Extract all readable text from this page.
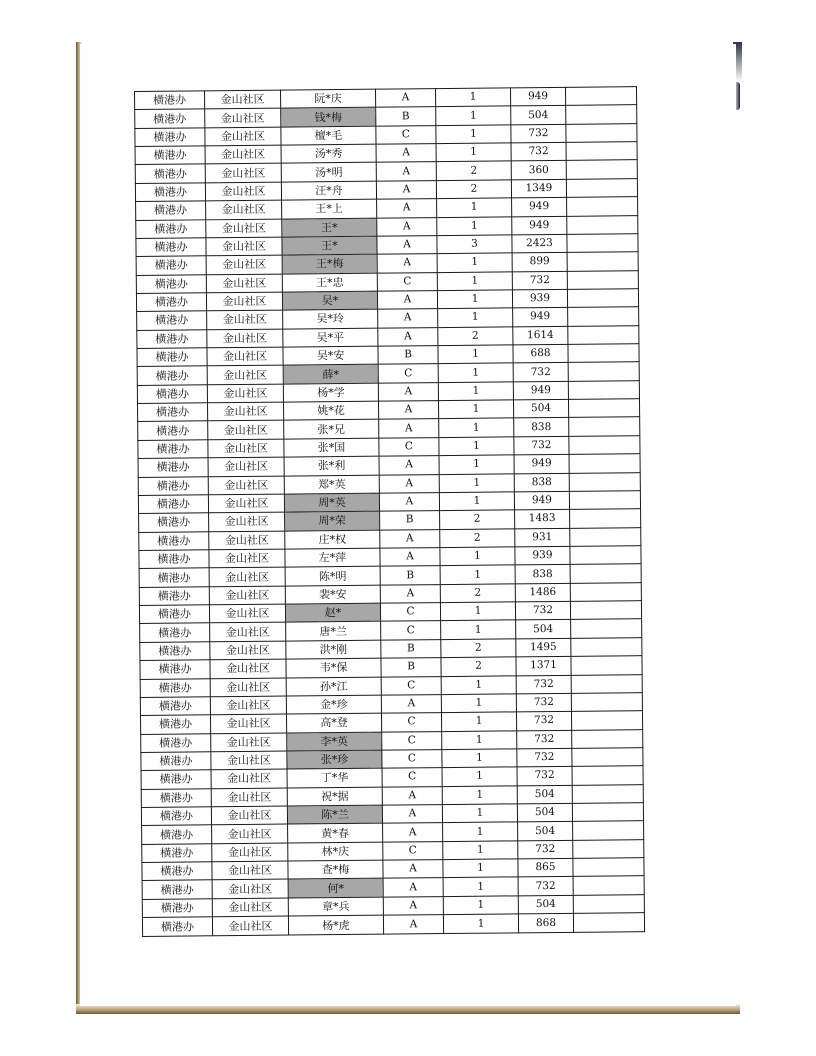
横港办	金山社区	阮*庆	A	1	949	
横港办	金山社区	钱*梅	B	1	504	
横港办	金山社区	檀*毛	C	1	732	
横港办	金山社区	汤*秀	A	1	732	
横港办	金山社区	汤*明	A	2	360	
横港办	金山社区	汪*舟	A	2	1349	
横港办	金山社区	王*上	A	1	949	
横港办	金山社区	王*	A	1	949	
横港办	金山社区	王*	A	3	2423	
横港办	金山社区	王*梅	A	1	899	
横港办	金山社区	王*忠	C	1	732	
横港办	金山社区	吴*	A	1	939	
横港办	金山社区	吴*玲	A	1	949	
横港办	金山社区	吴*平	A	2	1614	
横港办	金山社区	吴*安	B	1	688	
横港办	金山社区	薛*	C	1	732	
横港办	金山社区	杨*学	A	1	949	
横港办	金山社区	姚*花	A	1	504	
横港办	金山社区	张*兄	A	1	838	
横港办	金山社区	张*国	C	1	732	
横港办	金山社区	张*利	A	1	949	
横港办	金山社区	郑*英	A	1	838	
横港办	金山社区	周*英	A	1	949	
横港办	金山社区	周*荣	B	2	1483	
横港办	金山社区	庄*权	A	2	931	
横港办	金山社区	左*萍	A	1	939	
横港办	金山社区	陈*明	B	1	838	
横港办	金山社区	裴*安	A	2	1486	
横港办	金山社区	赵*	C	1	732	
横港办	金山社区	唐*兰	C	1	504	
横港办	金山社区	洪*刚	B	2	1495	
横港办	金山社区	韦*保	B	2	1371	
横港办	金山社区	孙*江	C	1	732	
横港办	金山社区	金*珍	A	1	732	
横港办	金山社区	高*登	C	1	732	
横港办	金山社区	李*英	C	1	732	
横港办	金山社区	张*珍	C	1	732	
横港办	金山社区	丁*华	C	1	732	
横港办	金山社区	祝*据	A	1	504	
横港办	金山社区	陈*兰	A	1	504	
横港办	金山社区	黄*春	A	1	504	
横港办	金山社区	林*庆	C	1	732	
横港办	金山社区	查*梅	A	1	865	
横港办	金山社区	何*	A	1	732	
横港办	金山社区	章*兵	A	1	504	
横港办	金山社区	杨*虎	A	1	868	
